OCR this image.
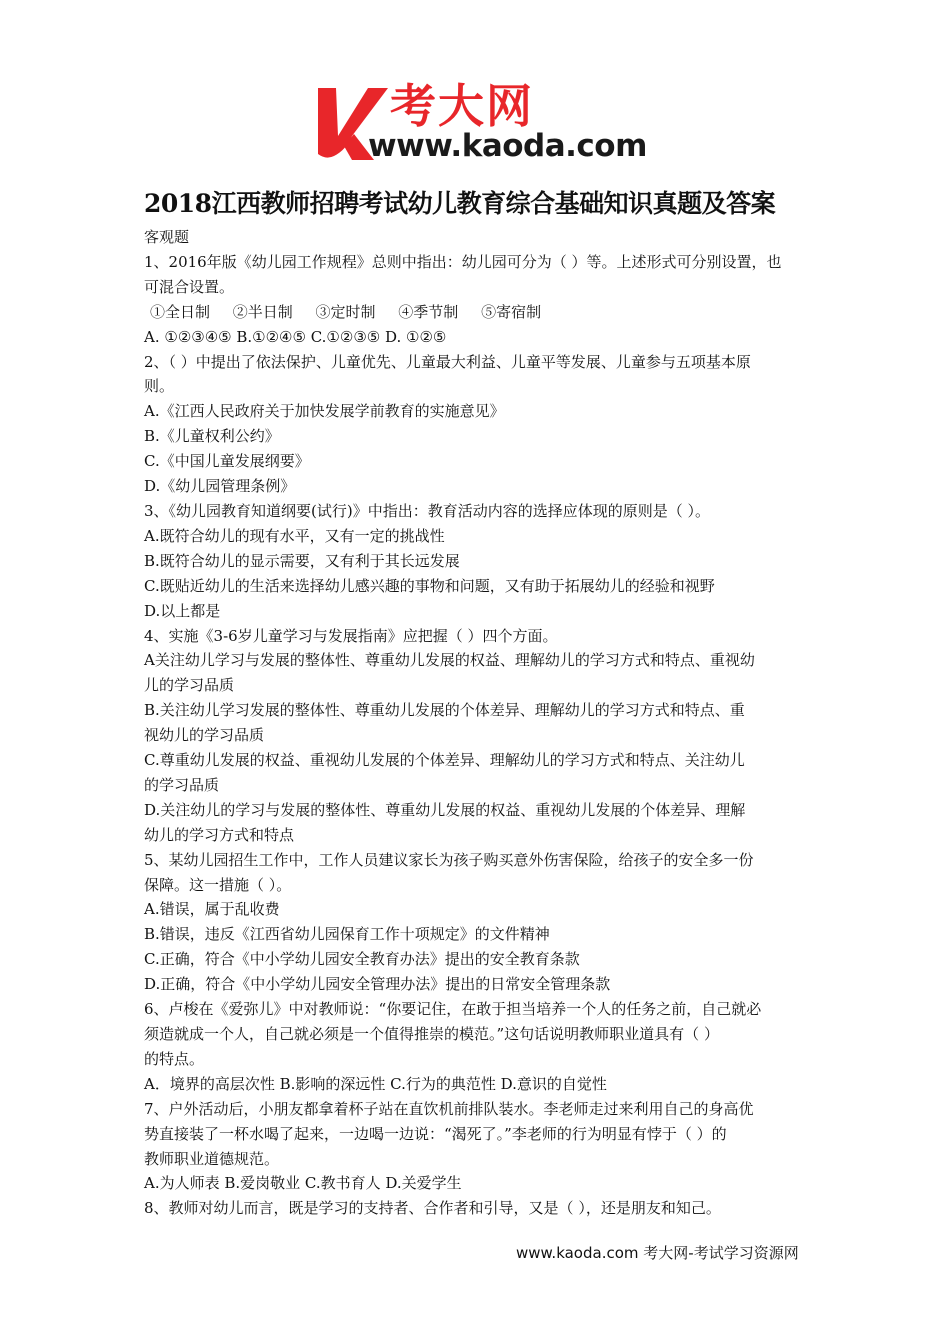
考大网
www.kaoda.com
2018江西教师招聘考试幼儿教育综合基础知识真题及答案

客观题

1、2016年版《幼儿园工作规程》总则中指出：幼儿园可分为（ ）等。上述形式可分别设置，也

可混合设置。

①全日制 ②半日制 ③定时制 ④季节制 ⑤寄宿制

A. ①②③④⑤ B.①②④⑤ C.①②③⑤ D. ①②⑤

2、（ ）中提出了依法保护、儿童优先、儿童最大利益、儿童平等发展、儿童参与五项基本原

则。

A.《江西人民政府关于加快发展学前教育的实施意见》

B.《儿童权利公约》

C.《中国儿童发展纲要》

D.《幼儿园管理条例》

3、《幼儿园教育知道纲要(试行)》中指出：教育活动内容的选择应体现的原则是（ ）。

A.既符合幼儿的现有水平，又有一定的挑战性

B.既符合幼儿的显示需要，又有利于其长远发展

C.既贴近幼儿的生活来选择幼儿感兴趣的事物和问题，又有助于拓展幼儿的经验和视野

D.以上都是

4、实施《3-6岁儿童学习与发展指南》应把握（ ）四个方面。

A关注幼儿学习与发展的整体性、尊重幼儿发展的权益、理解幼儿的学习方式和特点、重视幼

儿的学习品质

B.关注幼儿学习发展的整体性、尊重幼儿发展的个体差异、理解幼儿的学习方式和特点、重

视幼儿的学习品质

C.尊重幼儿发展的权益、重视幼儿发展的个体差异、理解幼儿的学习方式和特点、关注幼儿

的学习品质

D.关注幼儿的学习与发展的整体性、尊重幼儿发展的权益、重视幼儿发展的个体差异、理解

幼儿的学习方式和特点

5、某幼儿园招生工作中，工作人员建议家长为孩子购买意外伤害保险，给孩子的安全多一份

保障。这一措施（ ）。

A.错误，属于乱收费

B.错误，违反《江西省幼儿园保育工作十项规定》的文件精神

C.正确，符合《中小学幼儿园安全教育办法》提出的安全教育条款

D.正确，符合《中小学幼儿园安全管理办法》提出的日常安全管理条款

6、卢梭在《爱弥儿》中对教师说：“你要记住，在敢于担当培养一个人的任务之前，自己就必

须造就成一个人，自己就必须是一个值得推崇的模范。”这句话说明教师职业道具有（ ）

的特点。

A．境界的高层次性 B.影响的深远性 C.行为的典范性 D.意识的自觉性

7、户外活动后，小朋友都拿着杯子站在直饮机前排队装水。李老师走过来利用自己的身高优

势直接装了一杯水喝了起来，一边喝一边说：“渴死了。”李老师的行为明显有悖于（ ）的

教师职业道德规范。

A.为人师表 B.爱岗敬业 C.教书育人 D.关爱学生

8、教师对幼儿而言，既是学习的支持者、合作者和引导，又是（ ），还是朋友和知己。

www.kaoda.com 考大网-考试学习资源网
